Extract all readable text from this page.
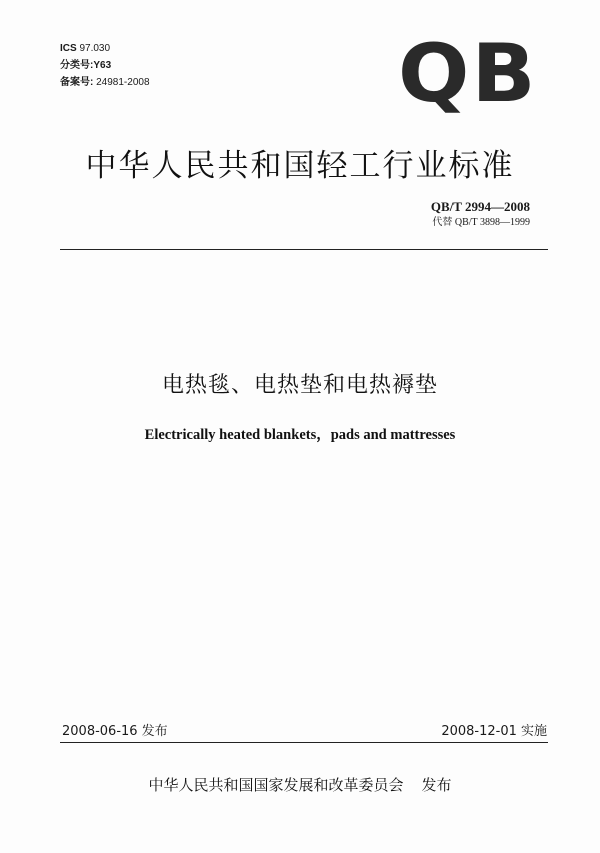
ICS 97.030
分类号:Y63
备案号: 24981-2008	QB
中华人民共和国轻工行业标准
QB/T 2994—2008
代替 QB/T 3898—1999
电热毯、电热垫和电热褥垫
Electrically heated blankets，pads and mattresses
2008-06-16 发布	2008-12-01 实施
中华人民共和国国家发展和改革委员会 发布
